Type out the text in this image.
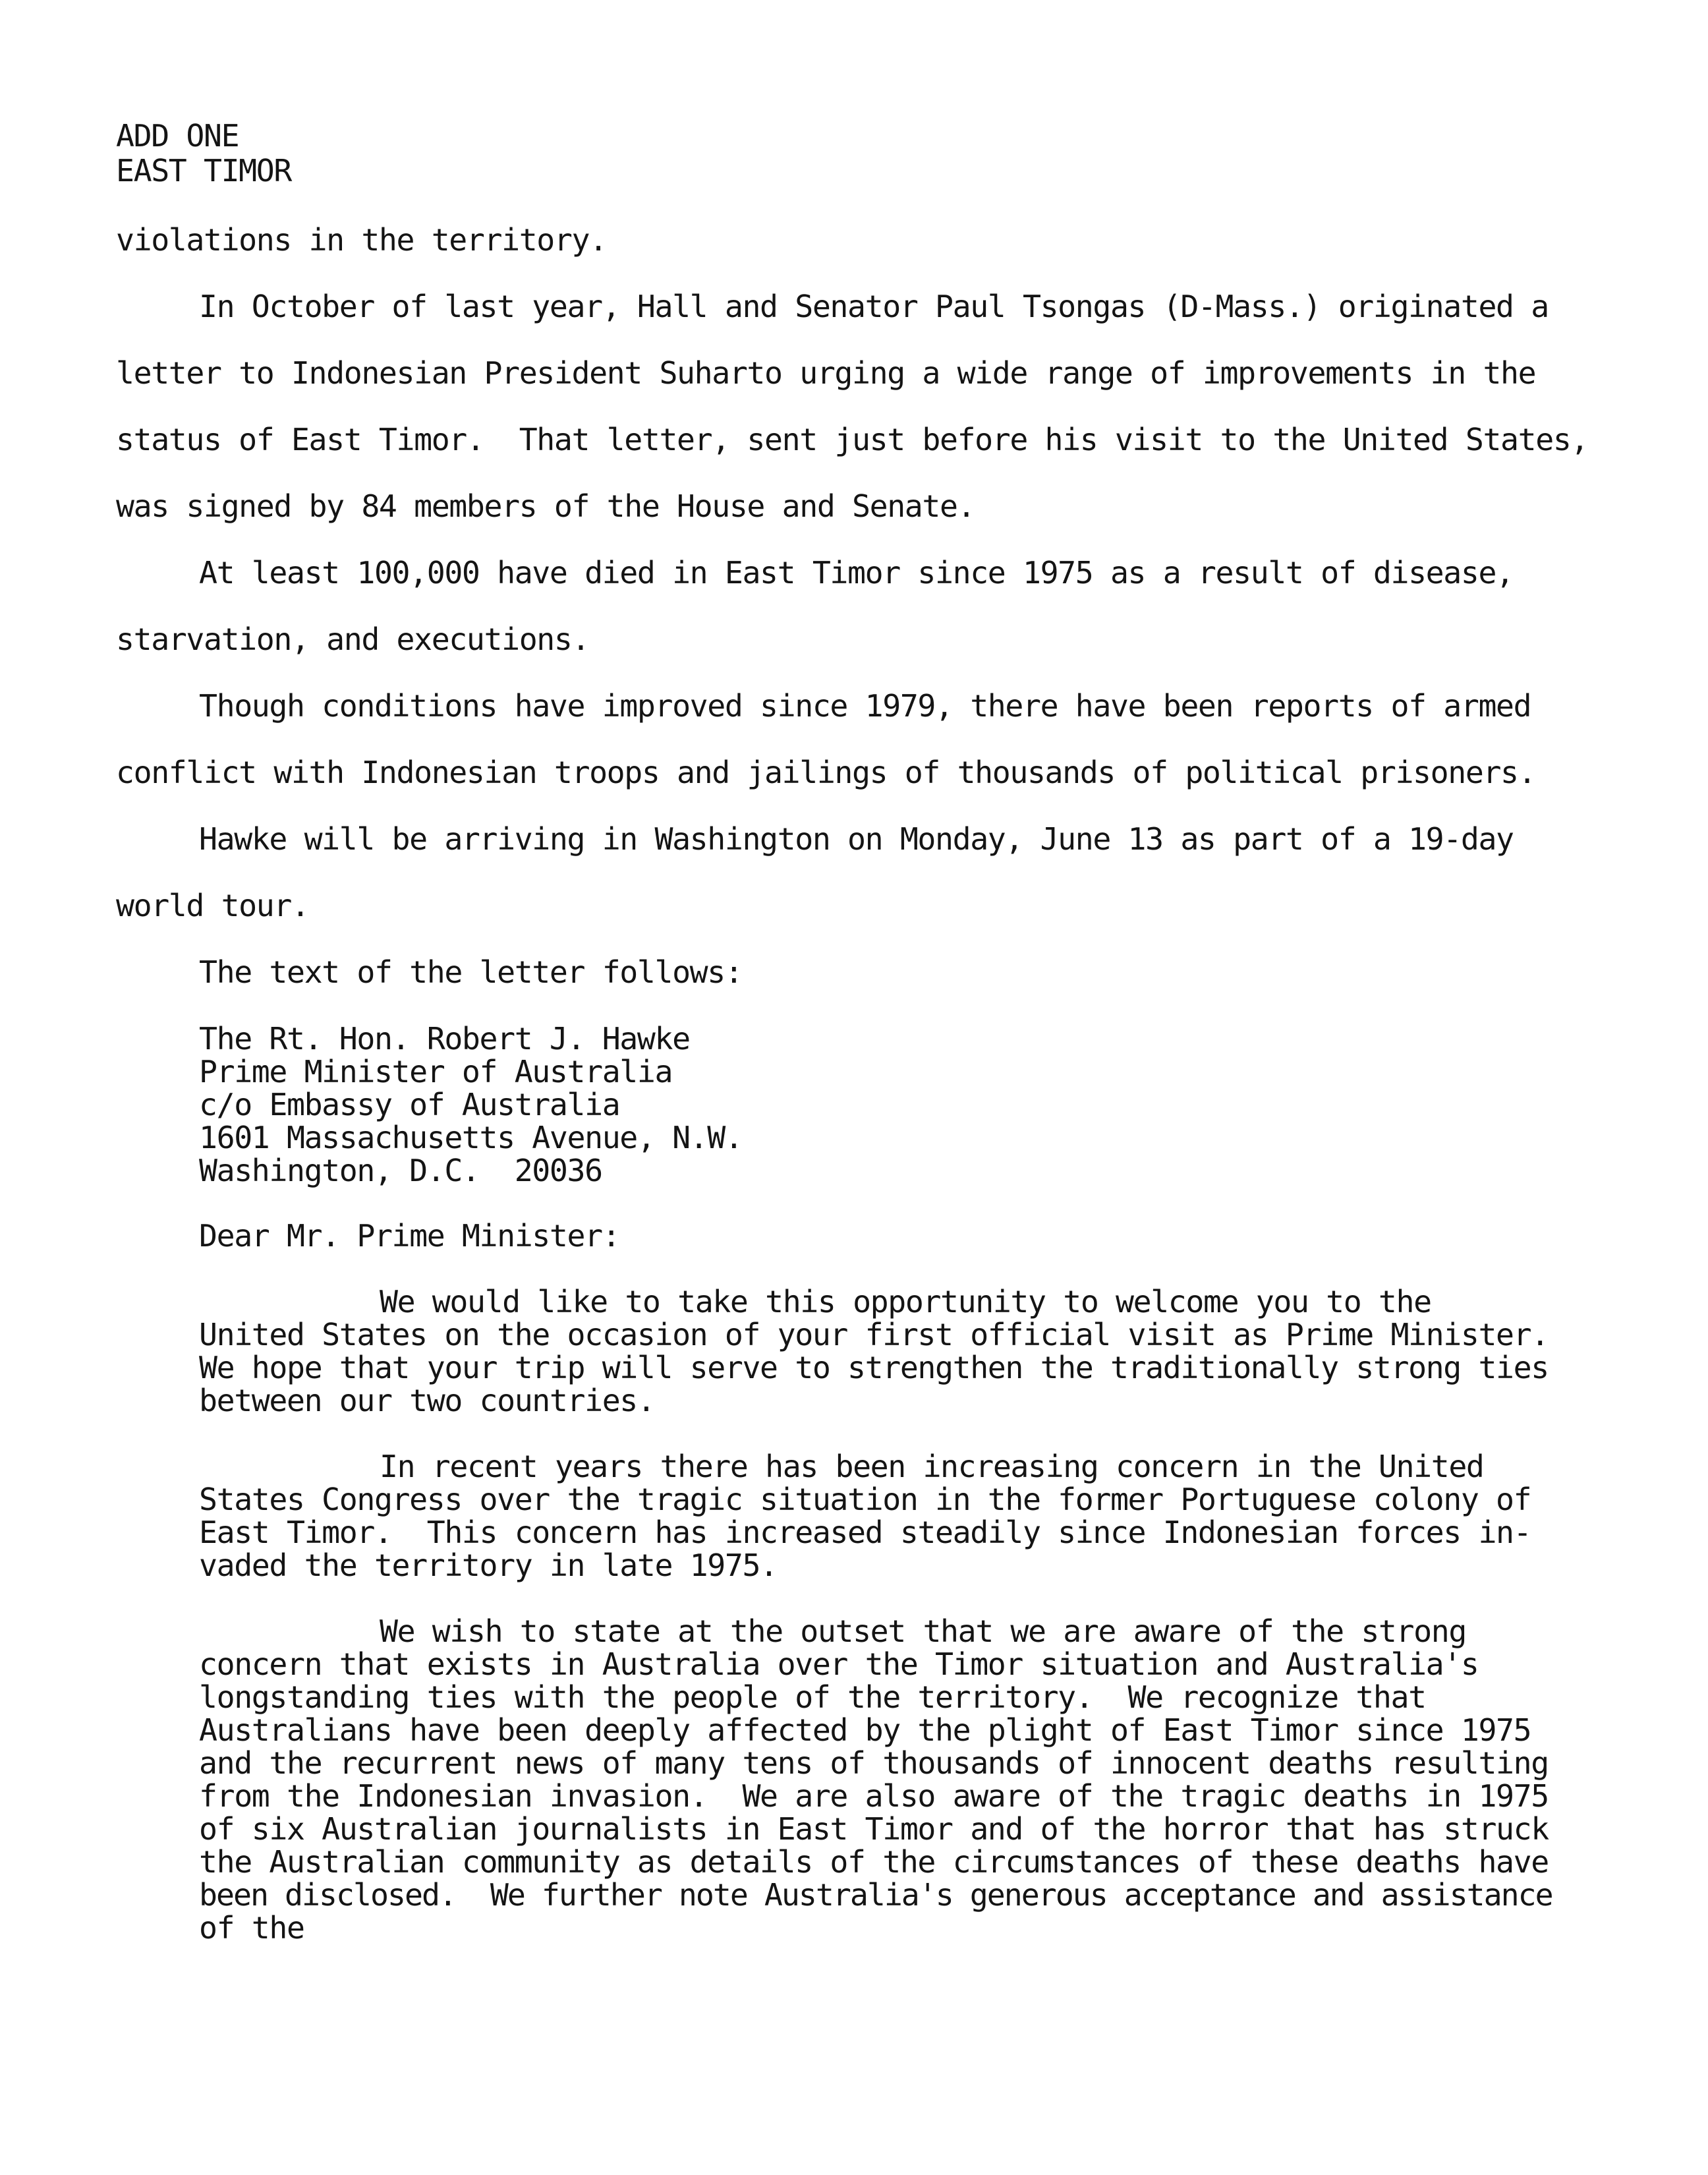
ADD ONE

EAST TIMOR

violations in the territory.

In October of last year, Hall and Senator Paul Tsongas (D-Mass.) originated a

letter to Indonesian President Suharto urging a wide range of improvements in the

status of East Timor.  That letter, sent just before his visit to the United States,

was signed by 84 members of the House and Senate.

At least 100,000 have died in East Timor since 1975 as a result of disease,

starvation, and executions.

Though conditions have improved since 1979, there have been reports of armed

conflict with Indonesian troops and jailings of thousands of political prisoners.

Hawke will be arriving in Washington on Monday, June 13 as part of a 19-day

world tour.

The text of the letter follows:

The Rt. Hon. Robert J. Hawke

Prime Minister of Australia

c/o Embassy of Australia

1601 Massachusetts Avenue, N.W.

Washington, D.C.  20036

Dear Mr. Prime Minister:

We would like to take this opportunity to welcome you to the

United States on the occasion of your first official visit as Prime Minister.

We hope that your trip will serve to strengthen the traditionally strong ties

between our two countries.

In recent years there has been increasing concern in the United

States Congress over the tragic situation in the former Portuguese colony of

East Timor.  This concern has increased steadily since Indonesian forces in-

vaded the territory in late 1975.

We wish to state at the outset that we are aware of the strong

concern that exists in Australia over the Timor situation and Australia's

longstanding ties with the people of the territory.  We recognize that

Australians have been deeply affected by the plight of East Timor since 1975

and the recurrent news of many tens of thousands of innocent deaths resulting

from the Indonesian invasion.  We are also aware of the tragic deaths in 1975

of six Australian journalists in East Timor and of the horror that has struck

the Australian community as details of the circumstances of these deaths have

been disclosed.  We further note Australia's generous acceptance and assistance

of the
